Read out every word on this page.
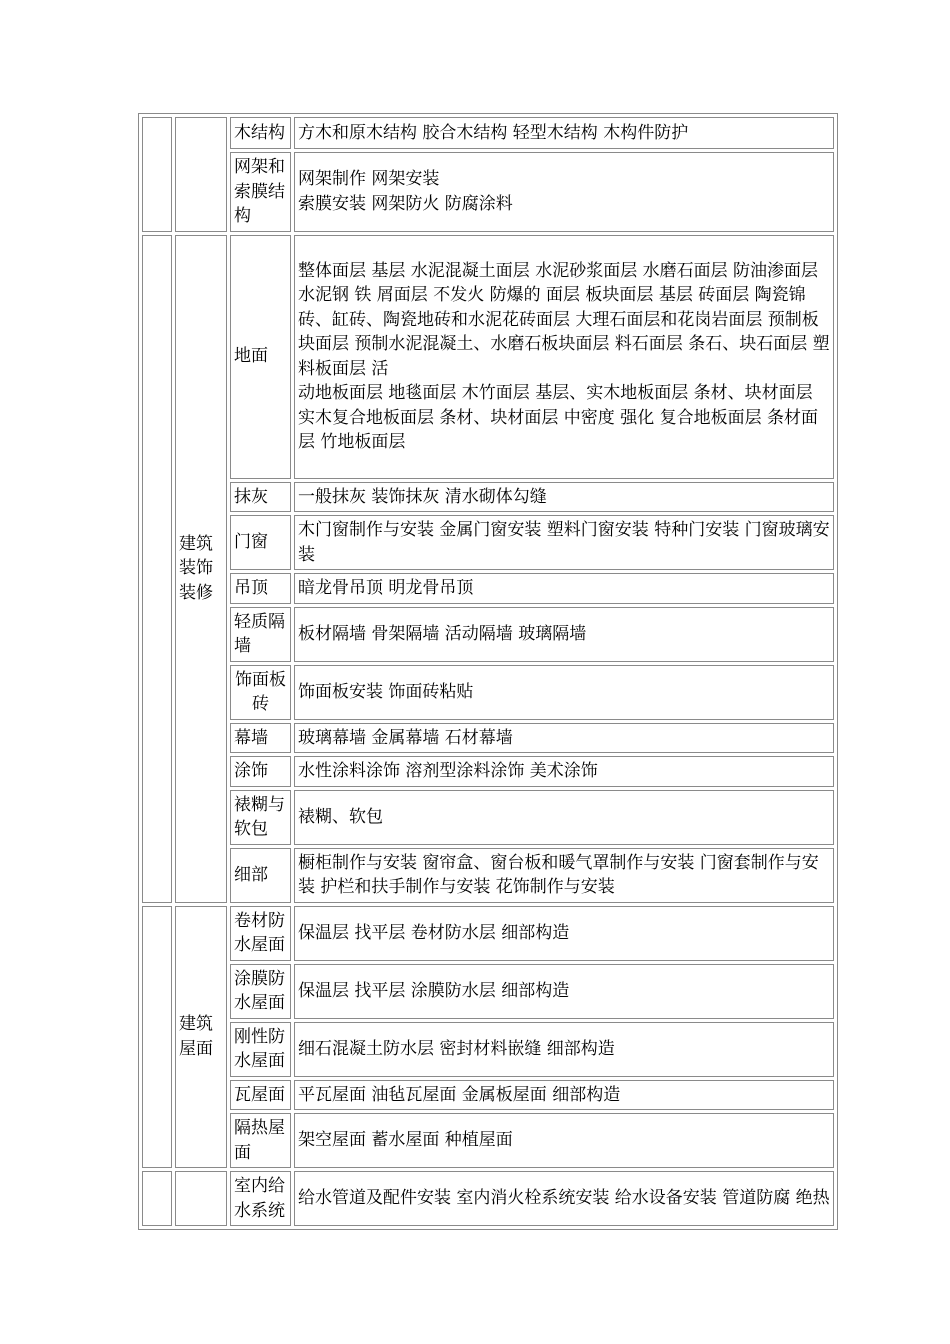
		木结构	方木和原木结构 胶合木结构 轻型木结构 木构件防护
		网架和索膜结构	网架制作 网架安装
索膜安装 网架防火 防腐涂料

	建筑装饰装修	地面	整体面层 基层 水泥混凝土面层 水泥砂浆面层 水磨石面层 防油渗面层 水泥钢 铁 屑面层 不发火 防爆的 面层 板块面层 基层 砖面层 陶瓷锦砖、缸砖、陶瓷地砖和水泥花砖面层 大理石面层和花岗岩面层 预制板块面层 预制水泥混凝土、水磨石板块面层 料石面层 条石、块石面层 塑料板面层 活
动地板面层 地毯面层 木竹面层 基层、实木地板面层 条材、块材面层 实木复合地板面层 条材、块材面层 中密度 强化 复合地板面层 条材面层 竹地板面层

		抹灰	一般抹灰 装饰抹灰 清水砌体勾缝
		门窗	木门窗制作与安装 金属门窗安装 塑料门窗安装 特种门安装 门窗玻璃安装
		吊顶	暗龙骨吊顶 明龙骨吊顶
		轻质隔墙	板材隔墙 骨架隔墙 活动隔墙 玻璃隔墙
		饰面板砖	饰面板安装 饰面砖粘贴
		幕墙	玻璃幕墙 金属幕墙 石材幕墙
		涂饰	水性涂料涂饰 溶剂型涂料涂饰 美术涂饰
		裱糊与软包	裱糊、软包
		细部	橱柜制作与安装 窗帘盒、窗台板和暖气罩制作与安装 门窗套制作与安装 护栏和扶手制作与安装 花饰制作与安装
	建筑屋面	卷材防水屋面	保温层 找平层 卷材防水层 细部构造
		涂膜防水屋面	保温层 找平层 涂膜防水层 细部构造
		刚性防水屋面	细石混凝土防水层 密封材料嵌缝 细部构造
		瓦屋面	平瓦屋面 油毡瓦屋面 金属板屋面 细部构造
		隔热屋面	架空屋面 蓄水屋面 种植屋面
		室内给水系统	给水管道及配件安装 室内消火栓系统安装 给水设备安装 管道防腐 绝热
